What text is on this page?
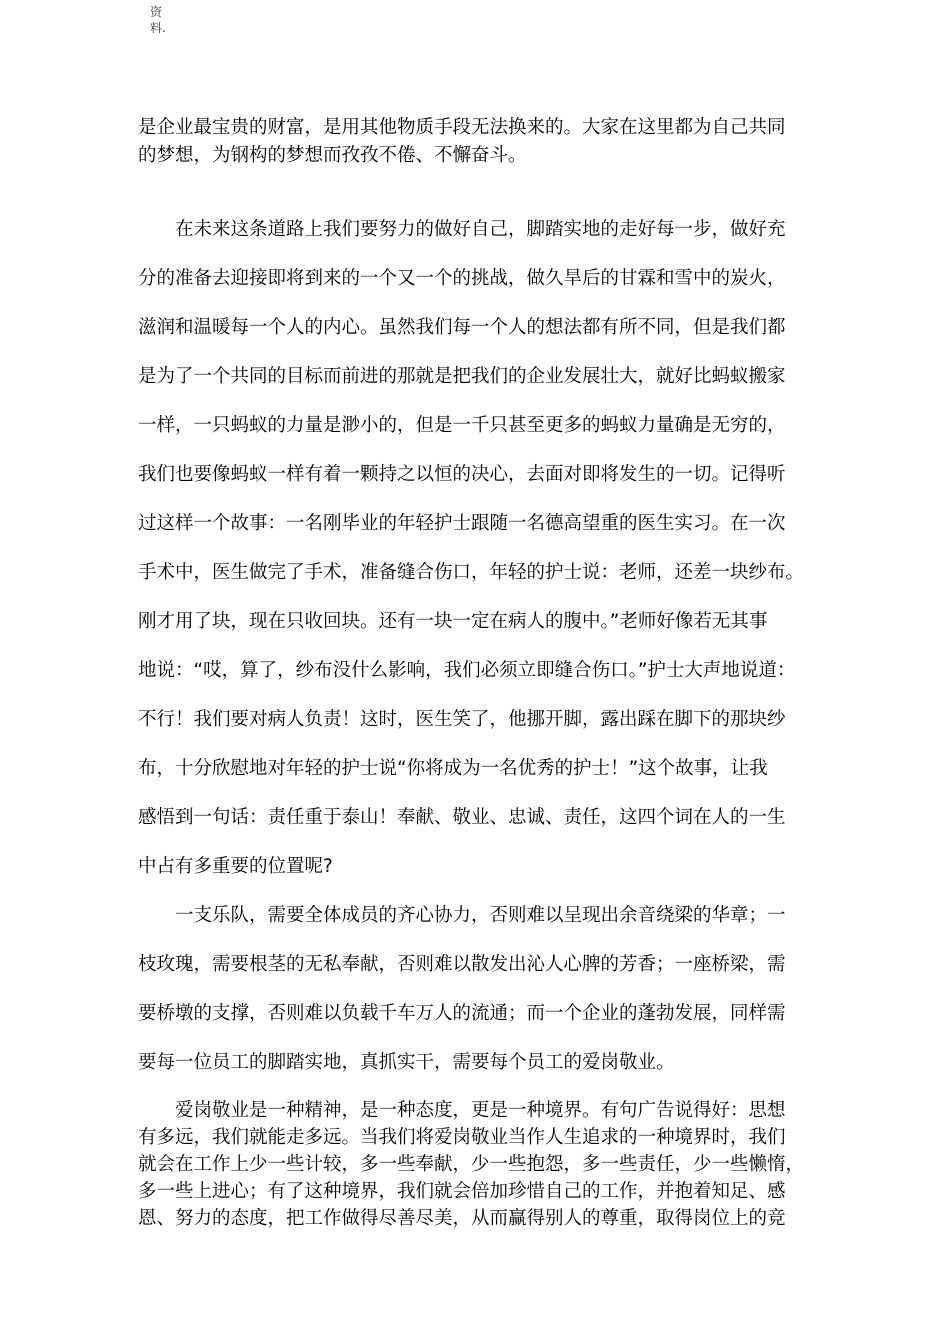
资
料.
是企业最宝贵的财富，是用其他物质手段无法换来的。大家在这里都为自己共同
的梦想，为钢构的梦想而孜孜不倦、不懈奋斗。
　　在未来这条道路上我们要努力的做好自己，脚踏实地的走好每一步，做好充
分的准备去迎接即将到来的一个又一个的挑战，做久旱后的甘霖和雪中的炭火，
滋润和温暖每一个人的内心。虽然我们每一个人的想法都有所不同，但是我们都
是为了一个共同的目标而前进的那就是把我们的企业发展壮大，就好比蚂蚁搬家
一样，一只蚂蚁的力量是渺小的，但是一千只甚至更多的蚂蚁力量确是无穷的，
我们也要像蚂蚁一样有着一颗持之以恒的决心，去面对即将发生的一切。记得听
过这样一个故事：一名刚毕业的年轻护士跟随一名德高望重的医生实习。在一次
手术中，医生做完了手术，准备缝合伤口，年轻的护士说：老师，还差一块纱布。
刚才用了块，现在只收回块。还有一块一定在病人的腹中。”老师好像若无其事
地说：“哎，算了，纱布没什么影响，我们必须立即缝合伤口。”护士大声地说道：
不行！我们要对病人负责！这时，医生笑了，他挪开脚，露出踩在脚下的那块纱
布，十分欣慰地对年轻的护士说“你将成为一名优秀的护士！”这个故事，让我
感悟到一句话：责任重于泰山！奉献、敬业、忠诚、责任，这四个词在人的一生
中占有多重要的位置呢?
　　一支乐队，需要全体成员的齐心协力，否则难以呈现出余音绕梁的华章；一
枝玫瑰，需要根茎的无私奉献，否则难以散发出沁人心脾的芳香；一座桥梁，需
要桥墩的支撑，否则难以负载千车万人的流通；而一个企业的蓬勃发展，同样需
要每一位员工的脚踏实地，真抓实干，需要每个员工的爱岗敬业。
　　爱岗敬业是一种精神，是一种态度，更是一种境界。有句广告说得好：思想
有多远，我们就能走多远。当我们将爱岗敬业当作人生追求的一种境界时，我们
就会在工作上少一些计较，多一些奉献，少一些抱怨，多一些责任，少一些懒惰，
多一些上进心；有了这种境界，我们就会倍加珍惜自己的工作，并抱着知足、感
恩、努力的态度，把工作做得尽善尽美，从而赢得别人的尊重，取得岗位上的竞
